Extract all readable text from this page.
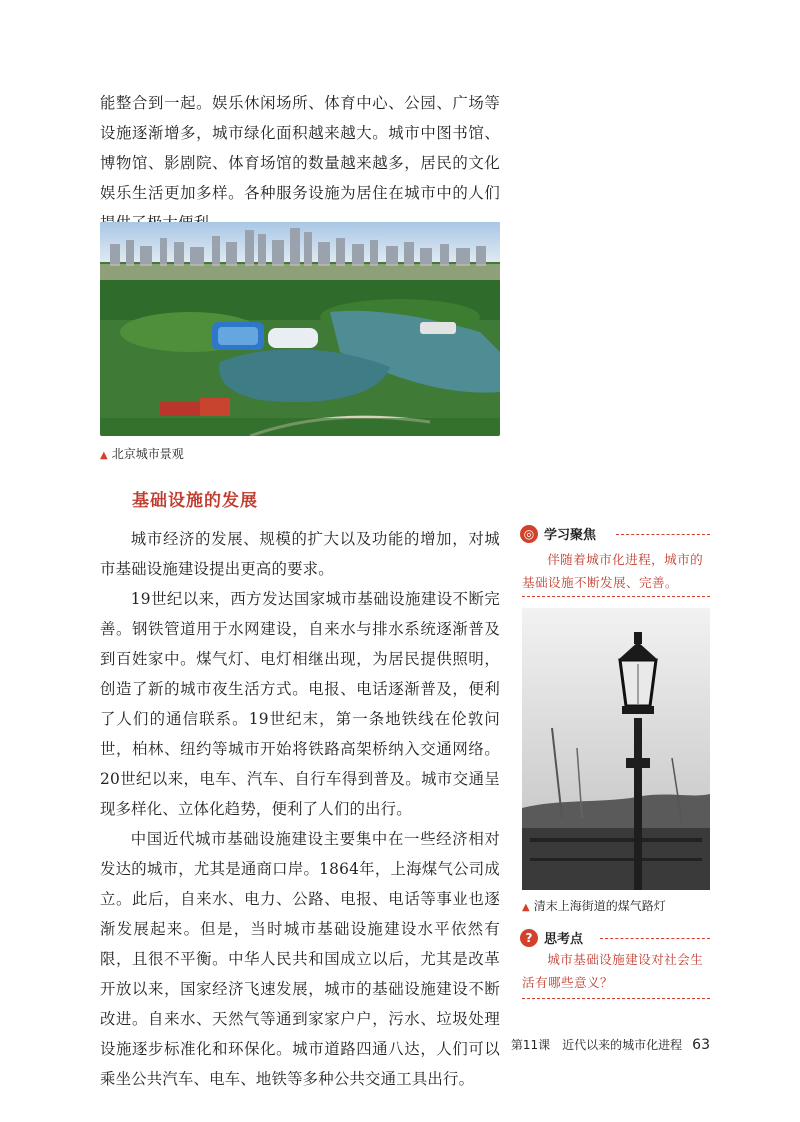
能整合到一起。娱乐休闲场所、体育中心、公园、广场等设施逐渐增多，城市绿化面积越来越大。城市中图书馆、博物馆、影剧院、体育场馆的数量越来越多，居民的文化娱乐生活更加多样。各种服务设施为居住在城市中的人们

▲ 北京城市景观
基础设施的发展

城市经济的发展、规模的扩大以及功能的增加，对城市基础设施建设提出更高的要求。

19世纪以来，西方发达国家城市基础设施建设不断完善。钢铁管道用于水网建设，自来水与排水系统逐渐普及到百姓家中。煤气灯、电灯相继出现，为居民提供照明，创造了新的城市夜生活方式。电报、电话逐渐普及，便利了人们的通信联系。19世纪末，第一条地铁线在伦敦问世，柏林、纽约等城市开始将铁路高架桥纳入交通网络。20世纪以来，电车、汽车、自行车得到普及。城市交通呈现多样化、立体化趋势，便利了人们的出行。

中国近代城市基础设施建设主要集中在一些经济相对发达的城市，尤其是通商口岸。1864年，上海煤气公司成立。此后，自来水、电力、公路、电报、电话等事业也逐渐发展起来。但是，当时城市基础设施建设水平依然有限，且很不平衡。中华人民共和国成立以后，尤其是改革开放以来，国家经济飞速发展，城市的基础设施建设不断改进。自来水、天然气等通到家家户户，污水、垃圾处理设施逐步标准化和环保化。城市道路四通八达，人们可以乘坐公共汽车、电车、地铁等多种公共交通工具出行。

◎ 学习聚焦
伴随着城市化进程，城市的基础设施不断发展、完善。
▲ 清末上海街道的煤气路灯
? 思考点
城市基础设施建设对社会生活有哪些意义？
第11课　近代以来的城市化进程 63
